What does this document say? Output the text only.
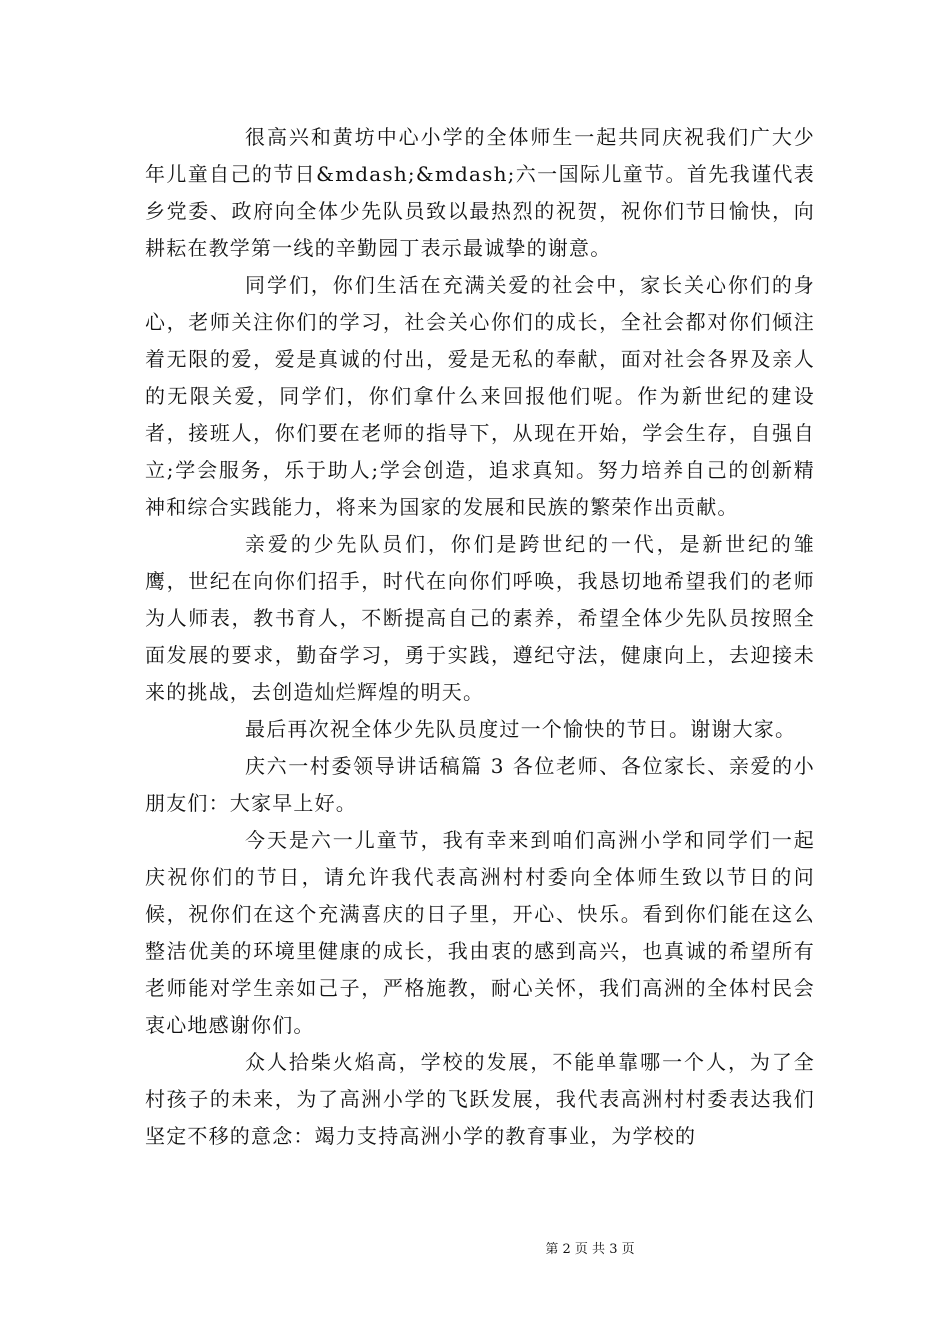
很高兴和黄坊中心小学的全体师生一起共同庆祝我们广大少年儿童自己的节日&mdash;&mdash;六一国际儿童节。首先我谨代表乡党委、政府向全体少先队员致以最热烈的祝贺，祝你们节日愉快，向耕耘在教学第一线的辛勤园丁表示最诚挚的谢意。

同学们，你们生活在充满关爱的社会中，家长关心你们的身心，老师关注你们的学习，社会关心你们的成长，全社会都对你们倾注着无限的爱，爱是真诚的付出，爱是无私的奉献，面对社会各界及亲人的无限关爱，同学们，你们拿什么来回报他们呢。作为新世纪的建设者，接班人，你们要在老师的指导下，从现在开始，学会生存，自强自立;学会服务，乐于助人;学会创造，追求真知。努力培养自己的创新精神和综合实践能力，将来为国家的发展和民族的繁荣作出贡献。

亲爱的少先队员们，你们是跨世纪的一代，是新世纪的雏鹰，世纪在向你们招手，时代在向你们呼唤，我恳切地希望我们的老师为人师表，教书育人，不断提高自己的素养，希望全体少先队员按照全面发展的要求，勤奋学习，勇于实践，遵纪守法，健康向上，去迎接未来的挑战，去创造灿烂辉煌的明天。

最后再次祝全体少先队员度过一个愉快的节日。谢谢大家。

庆六一村委领导讲话稿篇 3 各位老师、各位家长、亲爱的小朋友们：大家早上好。

今天是六一儿童节，我有幸来到咱们高洲小学和同学们一起庆祝你们的节日，请允许我代表高洲村村委向全体师生致以节日的问候，祝你们在这个充满喜庆的日子里，开心、快乐。看到你们能在这么整洁优美的环境里健康的成长，我由衷的感到高兴，也真诚的希望所有老师能对学生亲如己子，严格施教，耐心关怀，我们高洲的全体村民会衷心地感谢你们。

众人拾柴火焰高，学校的发展，不能单靠哪一个人，为了全村孩子的未来，为了高洲小学的飞跃发展，我代表高洲村村委表达我们坚定不移的意念：竭力支持高洲小学的教育事业，为学校的

第 2 页 共 3 页
